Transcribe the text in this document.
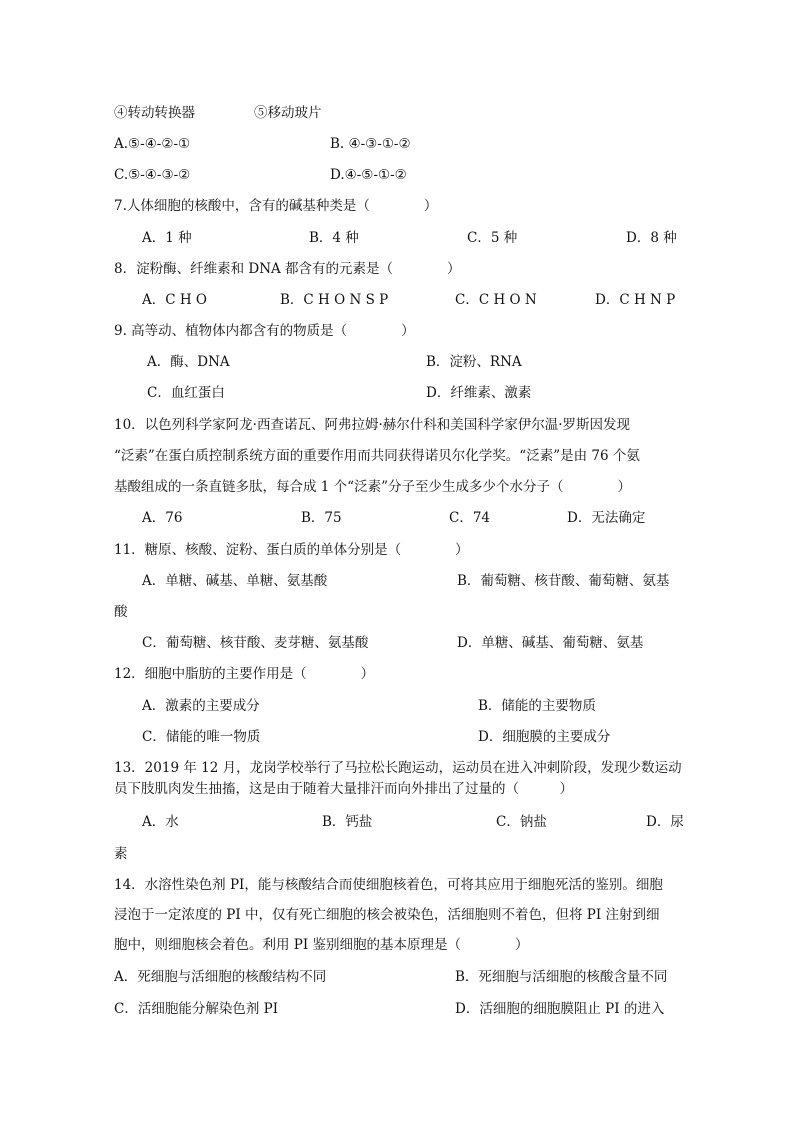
④转动转换器	⑤移动玻片
A.⑤-④-②-①	B. ④-③-①-②
C.⑤-④-③-②	D.④-⑤-①-②
7.人体细胞的核酸中，含有的碱基种类是（　　　　）
A．1 种	B．4 种	C．5 种	D．8 种
8．淀粉酶、纤维素和 DNA 都含有的元素是（　　　　）
A．C H O	B．C H O N S P	C．C H O N	D．C H N P
9. 高等动、植物体内都含有的物质是（　　　　）
A．酶、DNA	B．淀粉、RNA
C．血红蛋白	D．纤维素、激素
10．以色列科学家阿龙·西查诺瓦、阿弗拉姆·赫尔什科和美国科学家伊尔温·罗斯因发现
“泛素”在蛋白质控制系统方面的重要作用而共同获得诺贝尔化学奖。“泛素”是由 76 个氨
基酸组成的一条直链多肽，每合成 1 个“泛素”分子至少生成多少个水分子（　　　　）
A．76	B．75	C．74	D．无法确定
11．糖原、核酸、淀粉、蛋白质的单体分别是（　　　　）
A．单糖、碱基、单糖、氨基酸	B．葡萄糖、核苷酸、葡萄糖、氨基
酸
C．葡萄糖、核苷酸、麦芽糖、氨基酸	D．单糖、碱基、葡萄糖、氨基
12．细胞中脂肪的主要作用是（　　　　）
A．激素的主要成分	B．储能的主要物质
C．储能的唯一物质	D．细胞膜的主要成分
13．2019 年 12 月，龙岗学校举行了马拉松长跑运动，运动员在进入冲刺阶段，发现少数运动
员下肢肌肉发生抽搐，这是由于随着大量排汗而向外排出了过量的（　　　）
A．水	B．钙盐	C．钠盐	D．尿
素
14．水溶性染色剂 PI，能与核酸结合而使细胞核着色，可将其应用于细胞死活的鉴别。细胞
浸泡于一定浓度的 PI 中，仅有死亡细胞的核会被染色，活细胞则不着色，但将 PI 注射到细
胞中，则细胞核会着色。利用 PI 鉴别细胞的基本原理是（　　　　）
A．死细胞与活细胞的核酸结构不同	B．死细胞与活细胞的核酸含量不同
C．活细胞能分解染色剂 PI	D．活细胞的细胞膜阻止 PI 的进入
